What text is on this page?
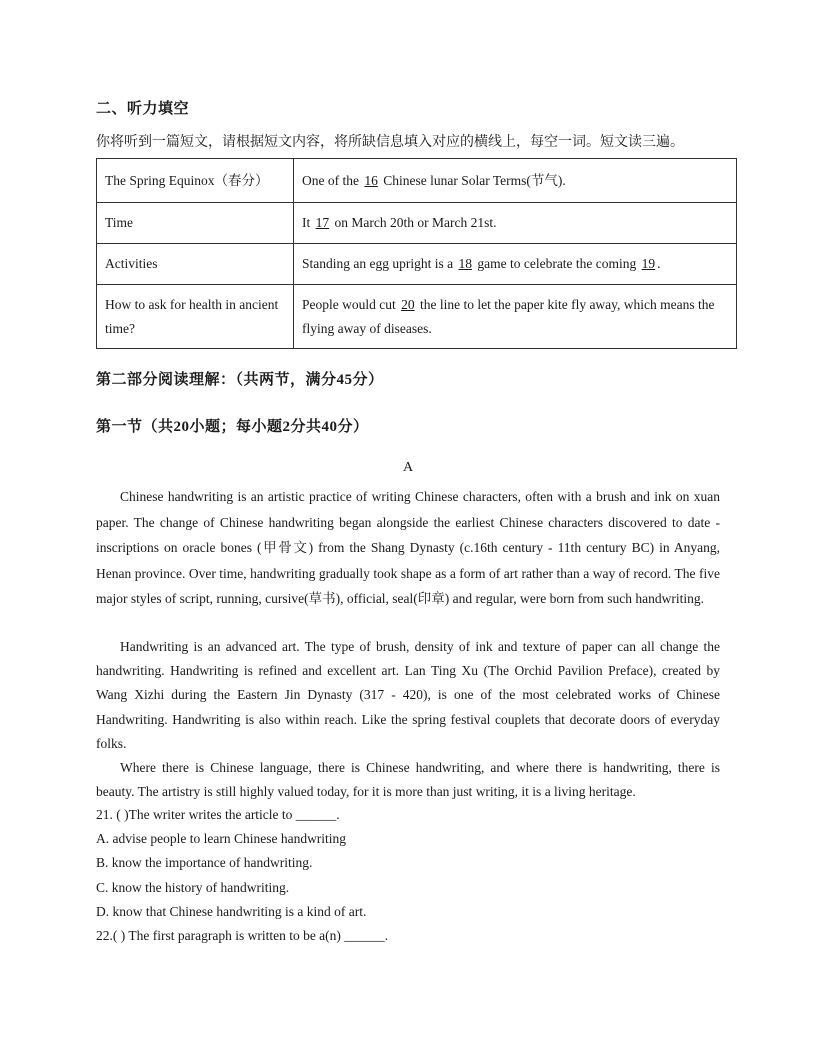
二、听力填空
你将听到一篇短文，请根据短文内容，将所缺信息填入对应的横线上，每空一词。短文读三遍。
The Spring Equinox（春分）	One of the 16 Chinese lunar Solar Terms(节气).
Time	It 17 on March 20th or March 21st.
Activities	Standing an egg upright is a 18 game to celebrate the coming 19 .
How to ask for health in ancient time?	People would cut 20 the line to let the paper kite fly away, which means the flying away of diseases.
第二部分阅读理解：（共两节，满分45分）
第一节（共20小题；每小题2分共40分）
A
Chinese handwriting is an artistic practice of writing Chinese characters, often with a brush and ink on xuan paper. The change of Chinese handwriting began alongside the earliest Chinese characters discovered to date - inscriptions on oracle bones (甲骨文) from the Shang Dynasty (c.16th century - 11th century BC) in Anyang, Henan province. Over time, handwriting gradually took shape as a form of art rather than a way of record. The five major styles of script, running, cursive(草书), official, seal(印章) and regular, were born from such handwriting.
Handwriting is an advanced art. The type of brush, density of ink and texture of paper can all change the handwriting. Handwriting is refined and excellent art. Lan Ting Xu (The Orchid Pavilion Preface), created by Wang Xizhi during the Eastern Jin Dynasty (317 - 420), is one of the most celebrated works of Chinese Handwriting. Handwriting is also within reach. Like the spring festival couplets that decorate doors of everyday folks.
Where there is Chinese language, there is Chinese handwriting, and where there is handwriting, there is beauty. The artistry is still highly valued today, for it is more than just writing, it is a living heritage.
21. ( )The writer writes the article to ______.
A. advise people to learn Chinese handwriting
B. know the importance of handwriting.
C. know the history of handwriting.
D. know that Chinese handwriting is a kind of art.
22.( ) The first paragraph is written to be a(n) ______.
